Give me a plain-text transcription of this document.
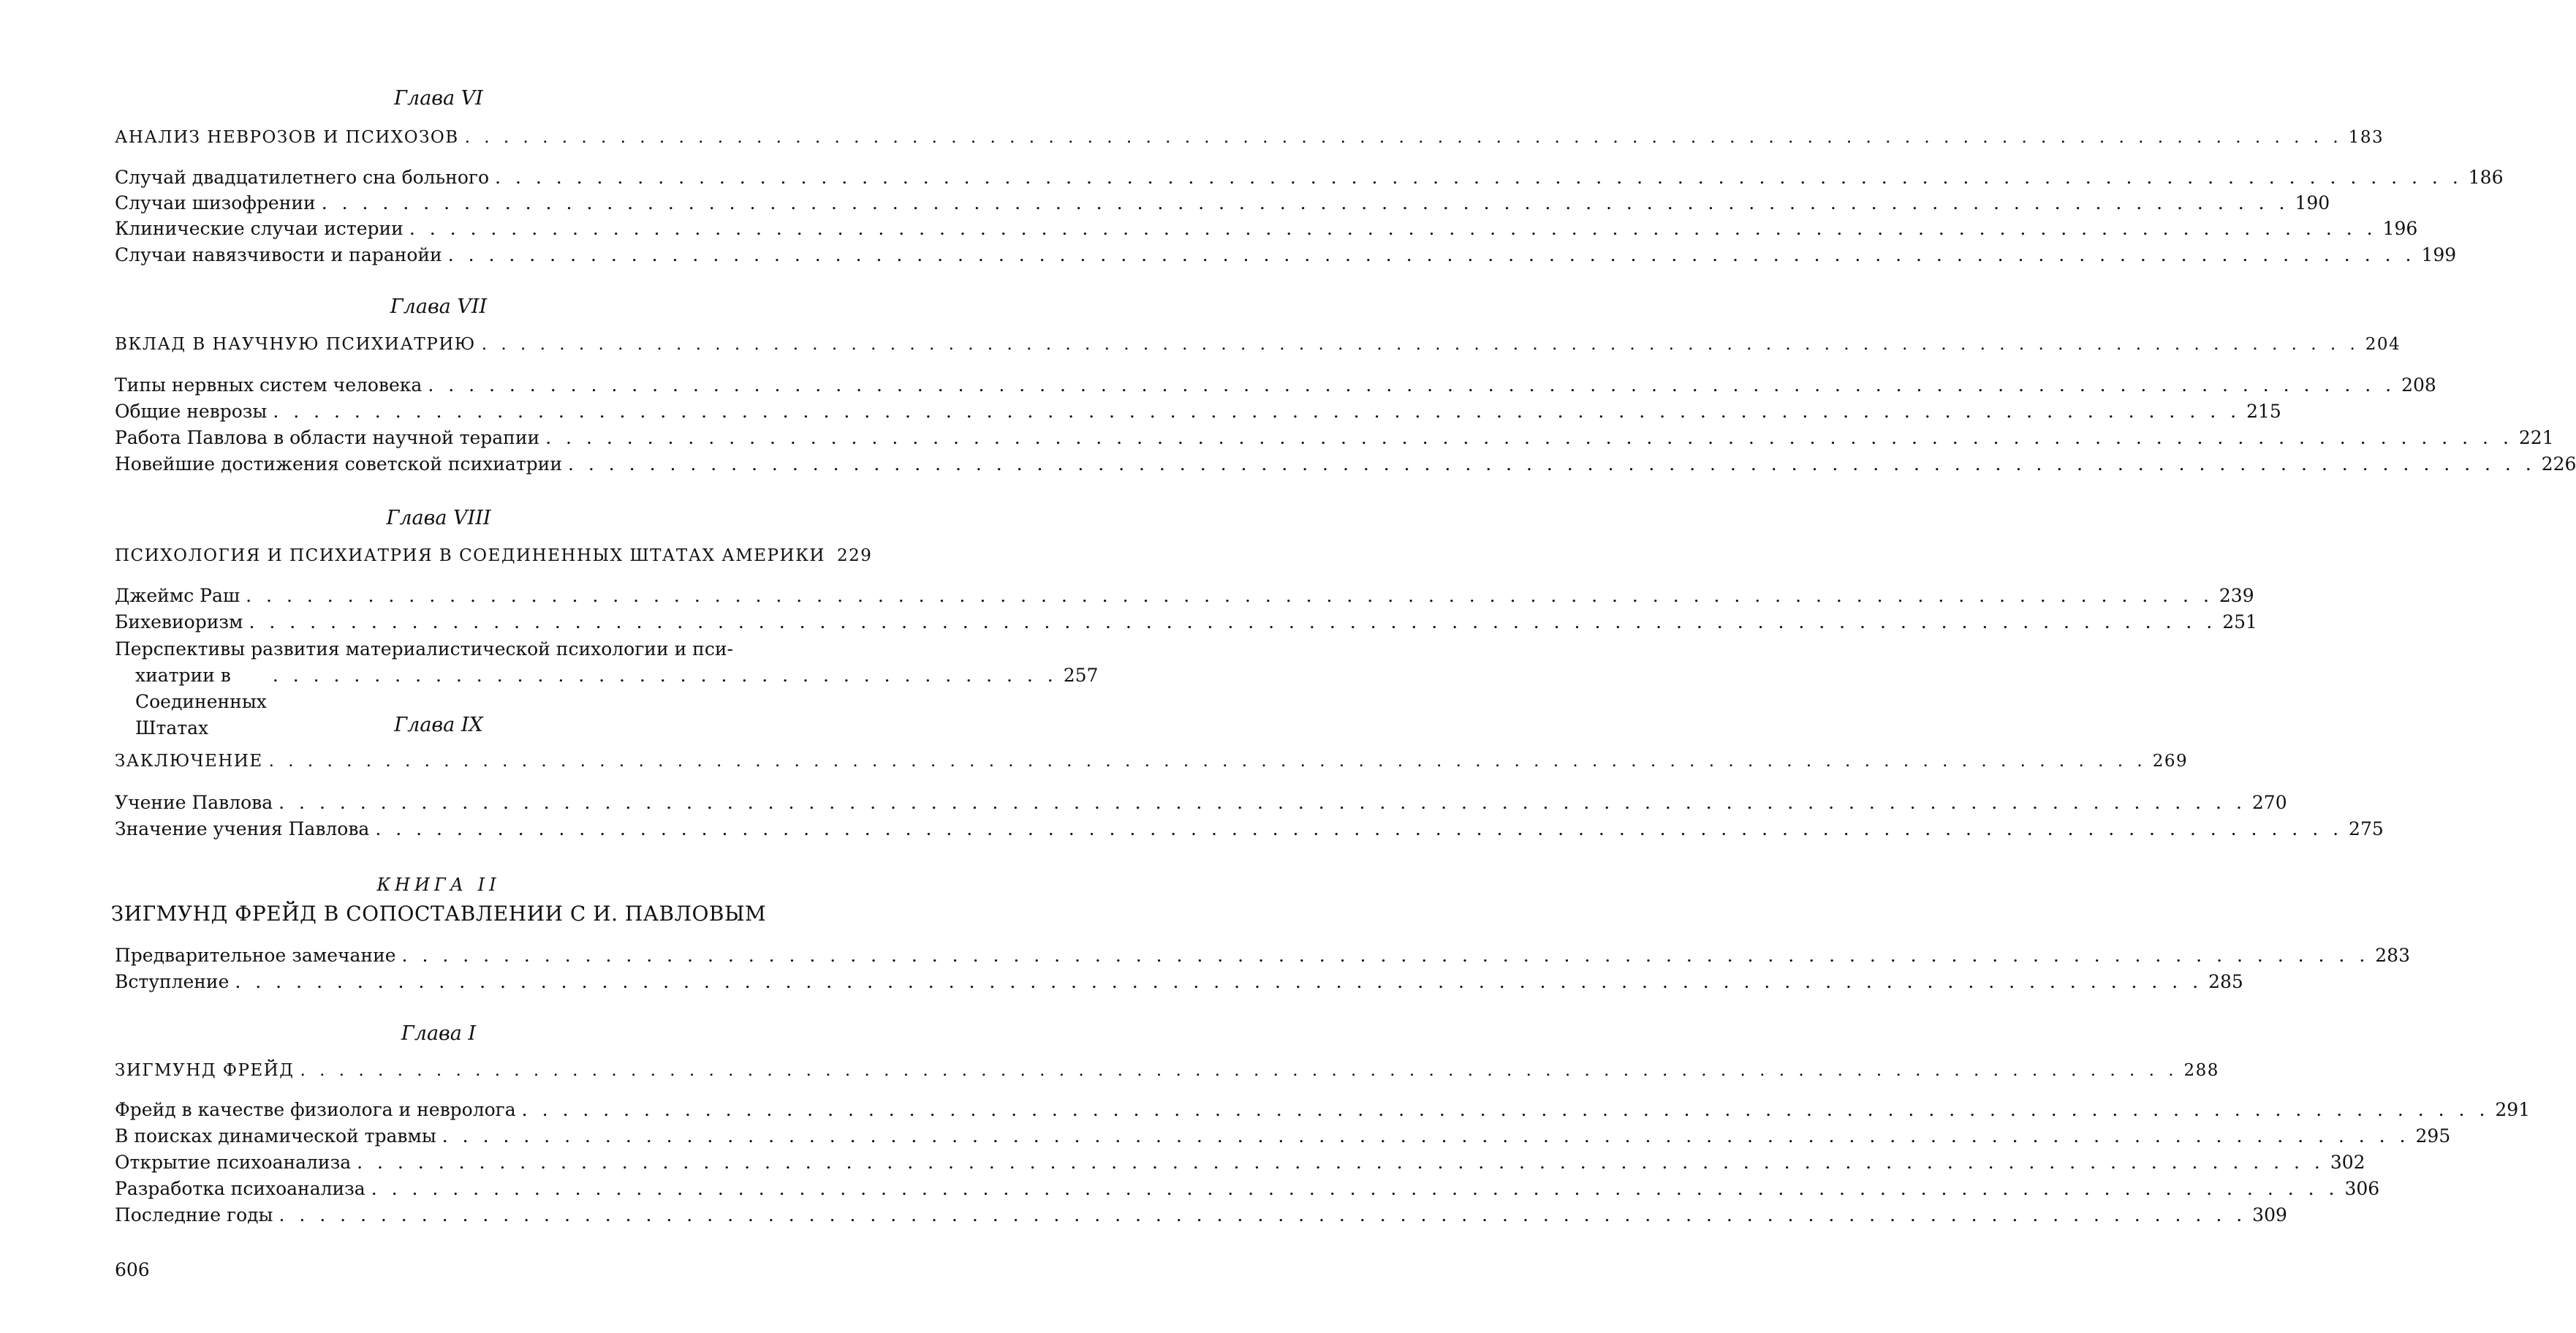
Глава VI
АНАЛИЗ НЕВРОЗОВ И ПСИХОЗОВ . . .	183
Случай двадцатилетнего сна больного . . .	186
Случаи шизофрении . . .	190
Клинические случаи истерии . . .	196
Случаи навязчивости и паранойи . . .	199
Глава VII
ВКЛАД В НАУЧНУЮ ПСИХИАТРИЮ . . .	204
Типы нервных систем человека . . .	208
Общие неврозы . . .	215
Работа Павлова в области научной терапии . . .	221
Новейшие достижения советской психиатрии . . .	226
Глава VIII
ПСИХОЛОГИЯ И ПСИХИАТРИЯ В СОЕДИНЕННЫХ ШТАТАХ АМЕРИКИ 229
Джеймс Раш . . .	239
Бихевиоризм . . .	251
Перспективы развития материалистической психологии и пси-
хиатрии в Соединенных Штатах
. . . . . . . . . . . . . . . . . . . . . . . . . . . . . . . . . . . . . . . 257
Глава IX
ЗАКЛЮЧЕНИЕ . . .	269
Учение Павлова . . .	270
Значение учения Павлова . . .	275
КНИГА II
ЗИГМУНД ФРЕЙД В СОПОСТАВЛЕНИИ С И. ПАВЛОВЫМ
Предварительное замечание . . .	283
Вступление . . .	285
Глава I
ЗИГМУНД ФРЕЙД . . .	288
Фрейд в качестве физиолога и невролога . . .	291
В поисках динамической травмы . . .	295
Открытие психоанализа . . .	302
Разработка психоанализа . . .	306
Последние годы . . .	309
606
